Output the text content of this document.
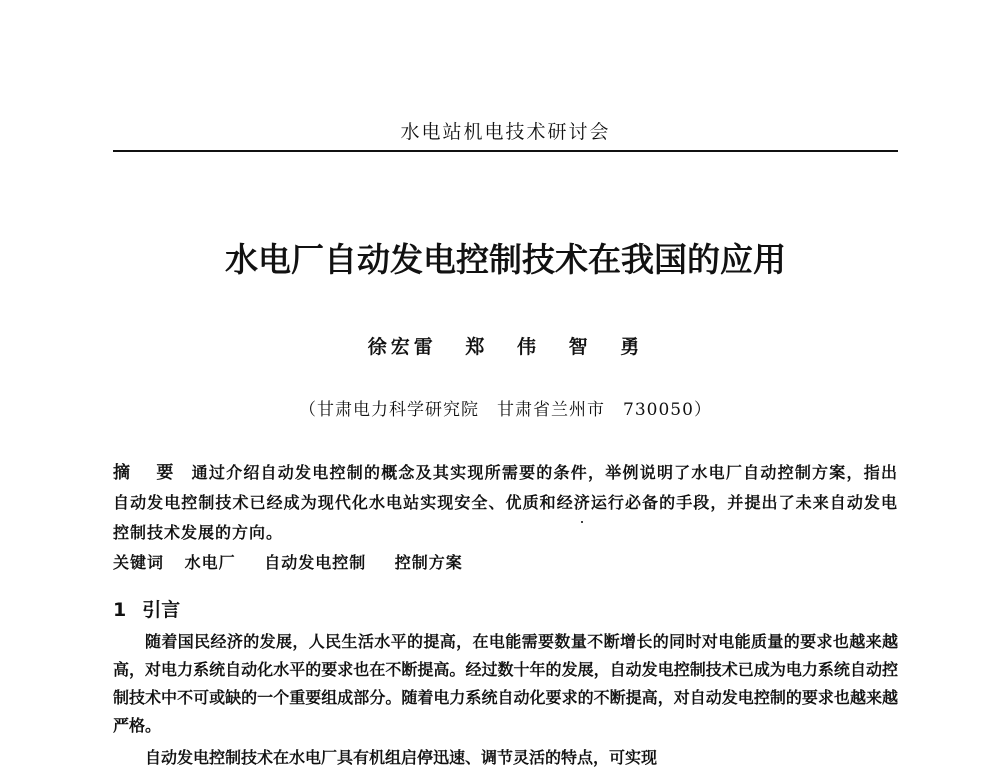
水电站机电技术研讨会
水电厂自动发电控制技术在我国的应用
徐宏雷 郑 伟 智 勇
（甘肃电力科学研究院　甘肃省兰州市　730050）

摘 要 通过介绍自动发电控制的概念及其实现所需要的条件，举例说明了水电厂自动控制方案，指出自动发电控制技术已经成为现代化水电站实现安全、优质和经济运行必备的手段，并提出了未来自动发电控制技术发展的方向。

关键词 水电厂 自动发电控制 控制方案
1 引言

随着国民经济的发展，人民生活水平的提高，在电能需要数量不断增长的同时对电能质量的要求也越来越高，对电力系统自动化水平的要求也在不断提高。经过数十年的发展，自动发电控制技术已成为电力系统自动控制技术中不可或缺的一个重要组成部分。随着电力系统自动化要求的不断提高，对自动发电控制的要求也越来越严格。

自动发电控制技术在水电厂具有机组启停迅速、调节灵活的特点，可实现
